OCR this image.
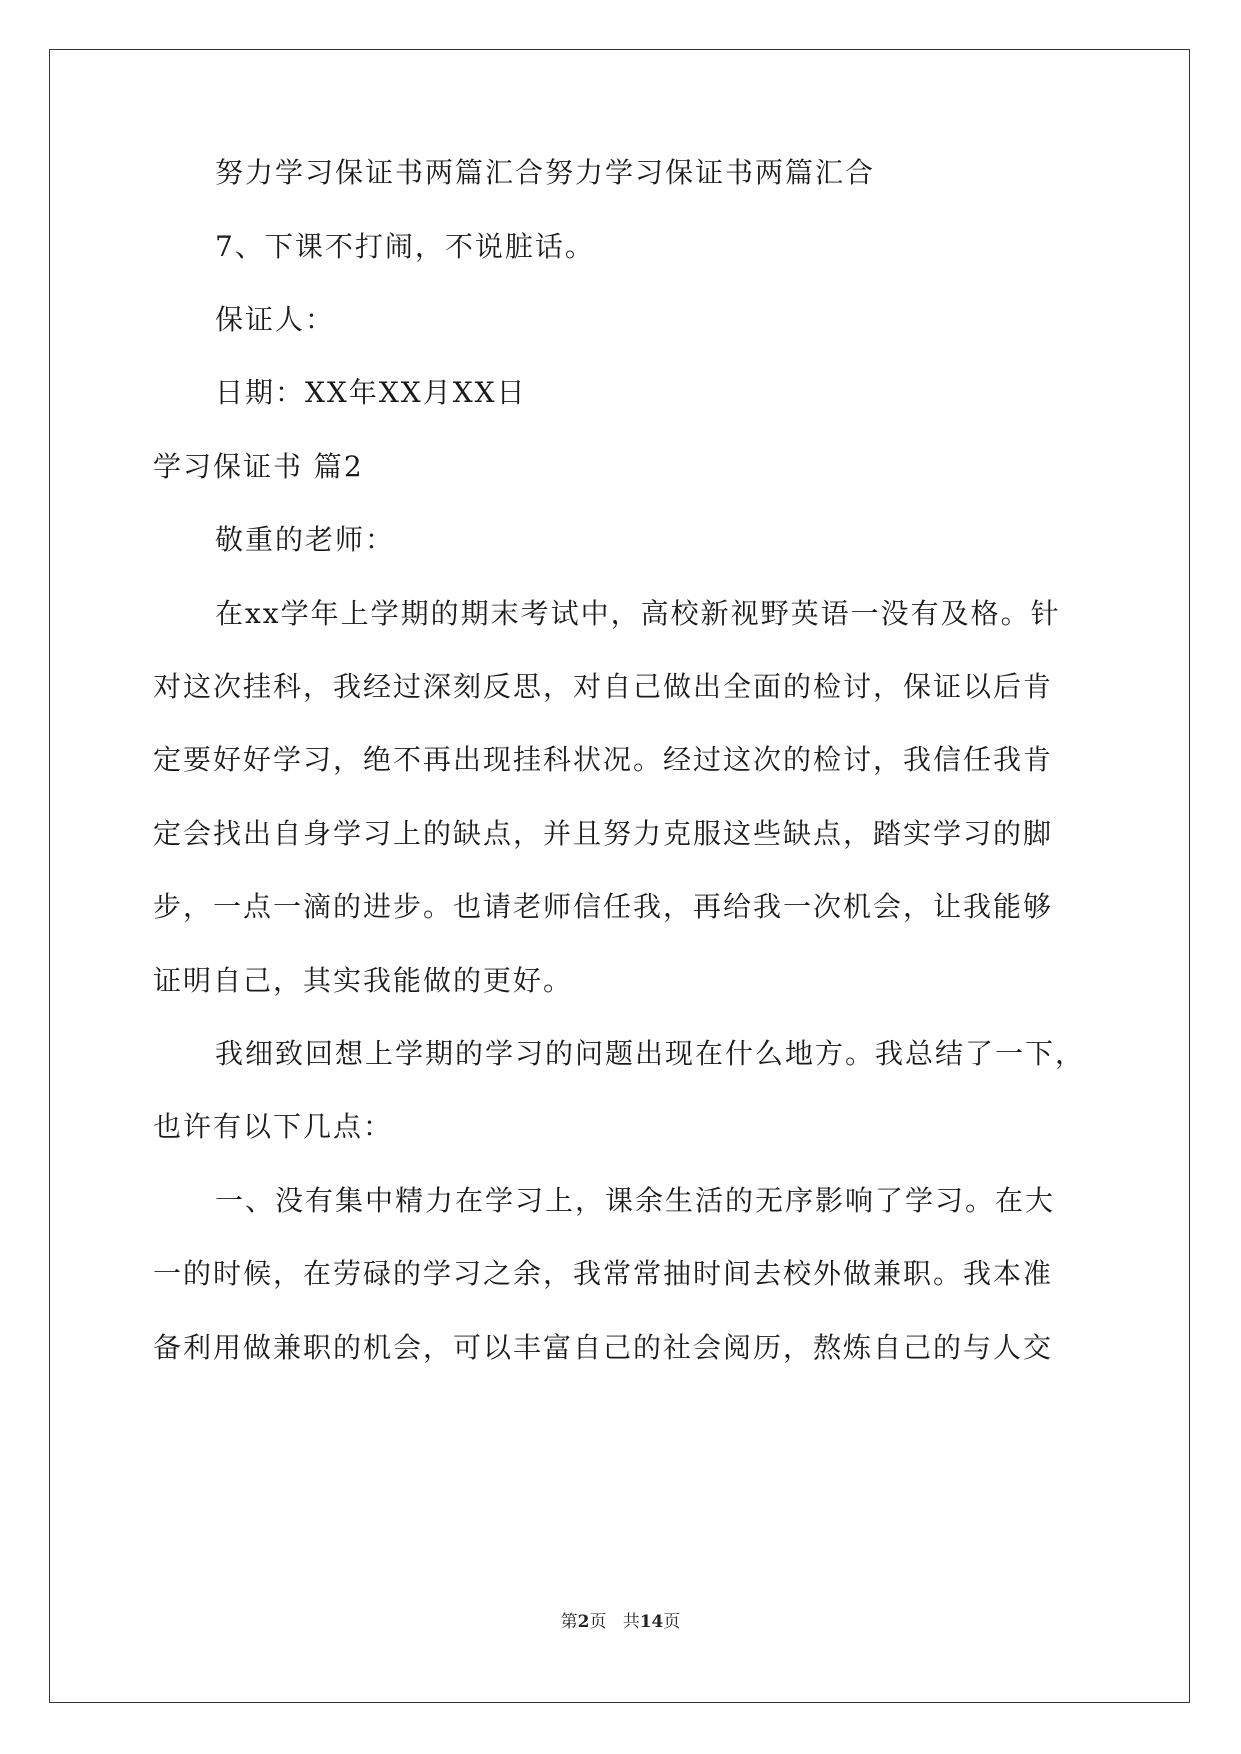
努力学习保证书两篇汇合努力学习保证书两篇汇合
7、下课不打闹，不说脏话。
保证人：
日期：XX年XX月XX日
学习保证书 篇2
敬重的老师：
在xx学年上学期的期末考试中，高校新视野英语一没有及格。针
对这次挂科，我经过深刻反思，对自己做出全面的检讨，保证以后肯
定要好好学习，绝不再出现挂科状况。经过这次的检讨，我信任我肯
定会找出自身学习上的缺点，并且努力克服这些缺点，踏实学习的脚
步，一点一滴的进步。也请老师信任我，再给我一次机会，让我能够
证明自己，其实我能做的更好。
我细致回想上学期的学习的问题出现在什么地方。我总结了一下，
也许有以下几点：
一、没有集中精力在学习上，课余生活的无序影响了学习。在大
一的时候，在劳碌的学习之余，我常常抽时间去校外做兼职。我本准
备利用做兼职的机会，可以丰富自己的社会阅历，熬炼自己的与人交
第2页 共14页
